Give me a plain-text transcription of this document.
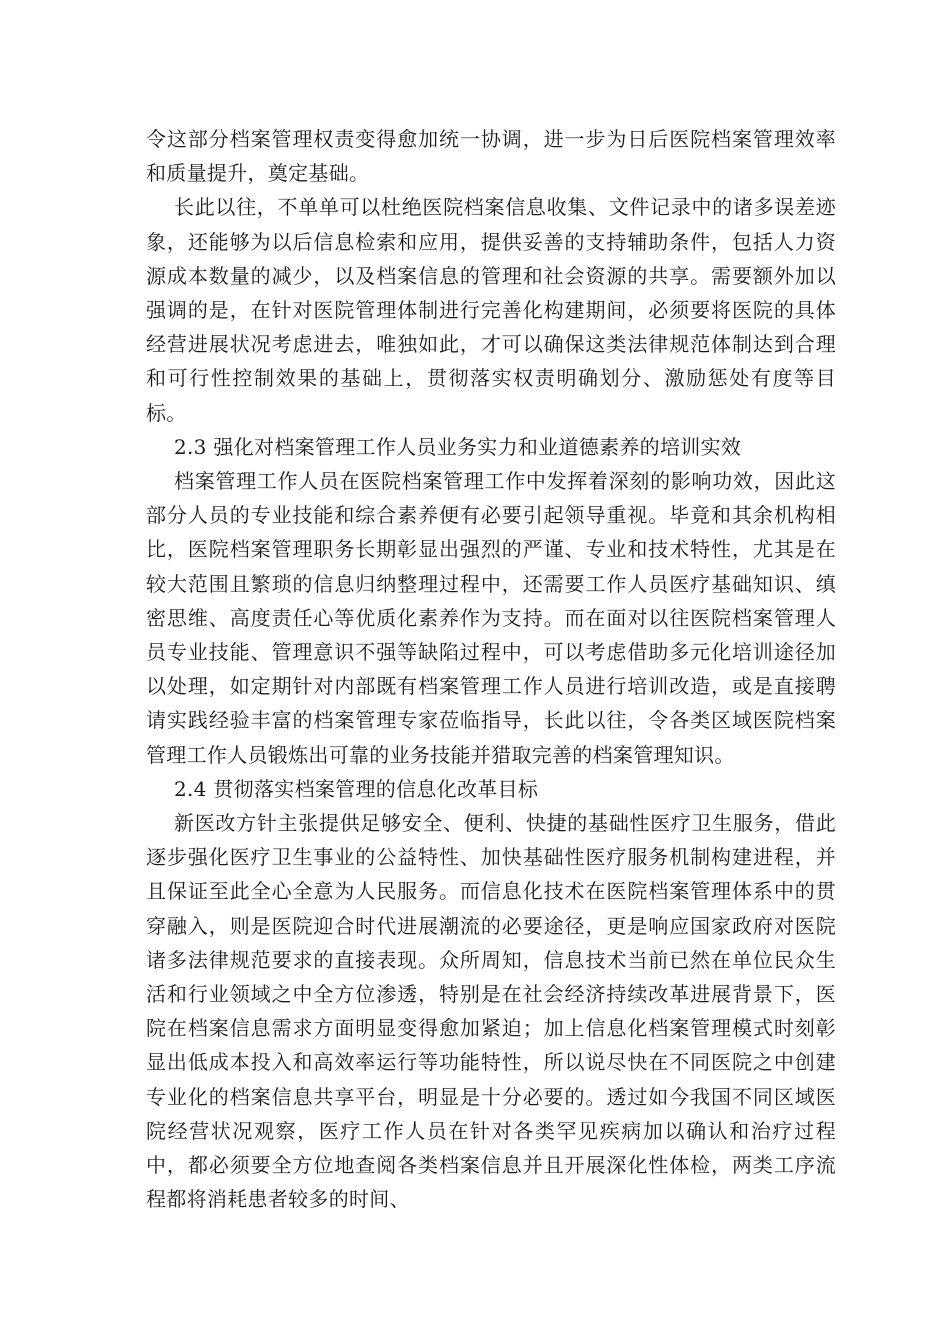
令这部分档案管理权责变得愈加统一协调，进一步为日后医院档案管理效率和质量提升，奠定基础。

长此以往，不单单可以杜绝医院档案信息收集、文件记录中的诸多误差迹象，还能够为以后信息检索和应用，提供妥善的支持辅助条件，包括人力资源成本数量的减少，以及档案信息的管理和社会资源的共享。需要额外加以强调的是，在针对医院管理体制进行完善化构建期间，必须要将医院的具体经营进展状况考虑进去，唯独如此，才可以确保这类法律规范体制达到合理和可行性控制效果的基础上，贯彻落实权责明确划分、激励惩处有度等目标。

2.3 强化对档案管理工作人员业务实力和业道德素养的培训实效

档案管理工作人员在医院档案管理工作中发挥着深刻的影响功效，因此这部分人员的专业技能和综合素养便有必要引起领导重视。毕竟和其余机构相比，医院档案管理职务长期彰显出强烈的严谨、专业和技术特性，尤其是在较大范围且繁琐的信息归纳整理过程中，还需要工作人员医疗基础知识、缜密思维、高度责任心等优质化素养作为支持。而在面对以往医院档案管理人员专业技能、管理意识不强等缺陷过程中，可以考虑借助多元化培训途径加以处理，如定期针对内部既有档案管理工作人员进行培训改造，或是直接聘请实践经验丰富的档案管理专家莅临指导，长此以往，令各类区域医院档案管理工作人员锻炼出可靠的业务技能并猎取完善的档案管理知识。

2.4 贯彻落实档案管理的信息化改革目标

新医改方针主张提供足够安全、便利、快捷的基础性医疗卫生服务，借此逐步强化医疗卫生事业的公益特性、加快基础性医疗服务机制构建进程，并且保证至此全心全意为人民服务。而信息化技术在医院档案管理体系中的贯穿融入，则是医院迎合时代进展潮流的必要途径，更是响应国家政府对医院诸多法律规范要求的直接表现。众所周知，信息技术当前已然在单位民众生活和行业领域之中全方位渗透，特别是在社会经济持续改革进展背景下，医院在档案信息需求方面明显变得愈加紧迫；加上信息化档案管理模式时刻彰显出低成本投入和高效率运行等功能特性，所以说尽快在不同医院之中创建专业化的档案信息共享平台，明显是十分必要的。透过如今我国不同区域医院经营状况观察，医疗工作人员在针对各类罕见疾病加以确认和治疗过程中，都必须要全方位地查阅各类档案信息并且开展深化性体检，两类工序流程都将消耗患者较多的时间、
